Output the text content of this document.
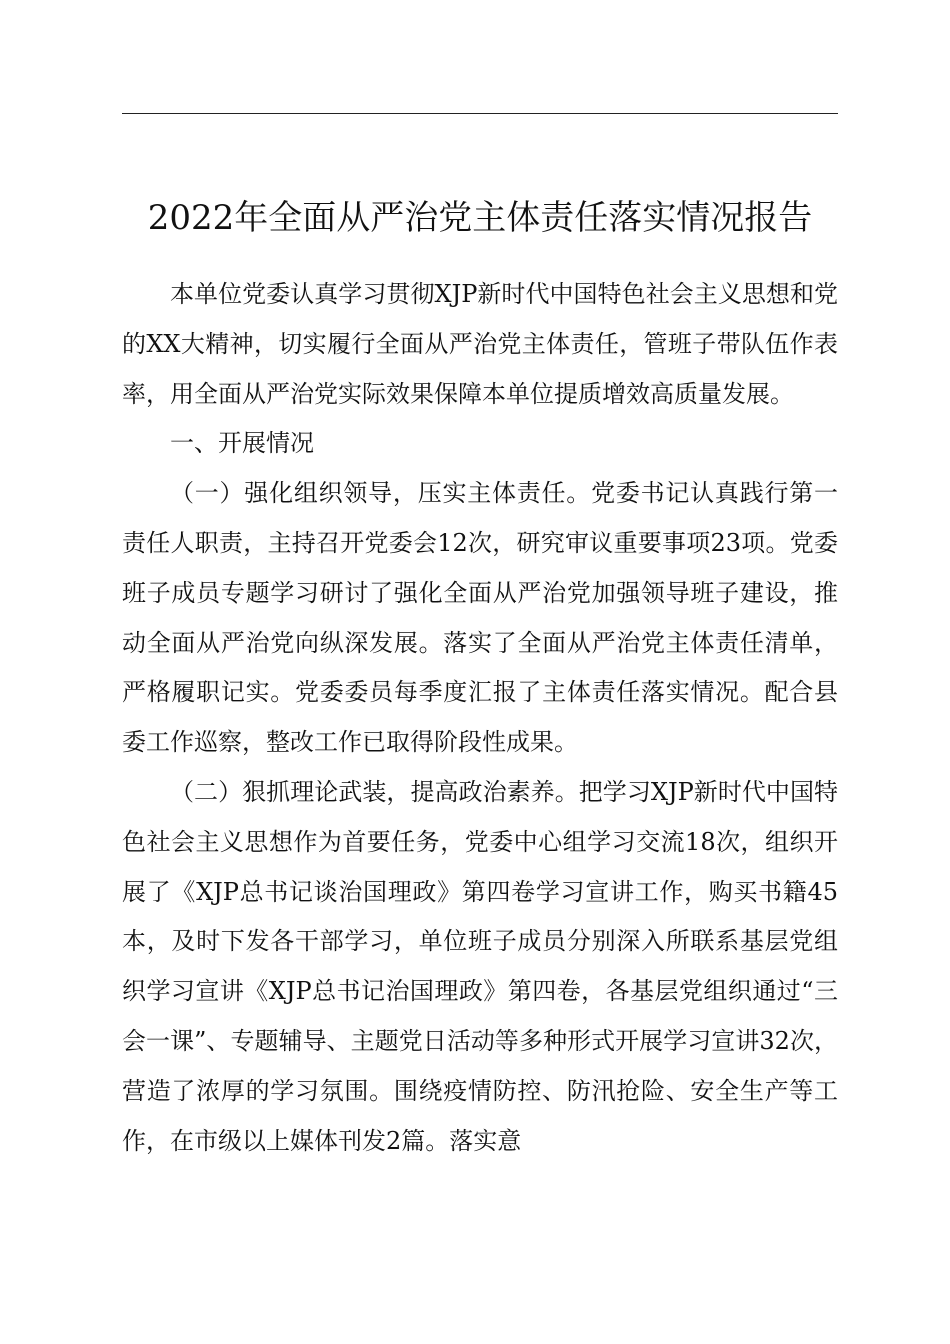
2022年全面从严治党主体责任落实情况报告

本单位党委认真学习贯彻XJP新时代中国特色社会主义思想和党的XX大精神，切实履行全面从严治党主体责任，管班子带队伍作表率，用全面从严治党实际效果保障本单位提质增效高质量发展。

一、开展情况

（一）强化组织领导，压实主体责任。党委书记认真践行第一责任人职责，主持召开党委会12次，研究审议重要事项23项。党委班子成员专题学习研讨了强化全面从严治党加强领导班子建设，推动全面从严治党向纵深发展。落实了全面从严治党主体责任清单，严格履职记实。党委委员每季度汇报了主体责任落实情况。配合县委工作巡察，整改工作已取得阶段性成果。

（二）狠抓理论武装，提高政治素养。把学习XJP新时代中国特色社会主义思想作为首要任务，党委中心组学习交流18次，组织开展了《XJP总书记谈治国理政》第四卷学习宣讲工作，购买书籍45本，及时下发各干部学习，单位班子成员分别深入所联系基层党组织学习宣讲《XJP总书记治国理政》第四卷，各基层党组织通过“三会一课”、专题辅导、主题党日活动等多种形式开展学习宣讲32次，营造了浓厚的学习氛围。围绕疫情防控、防汛抢险、安全生产等工作，在市级以上媒体刊发2篇。落实意
